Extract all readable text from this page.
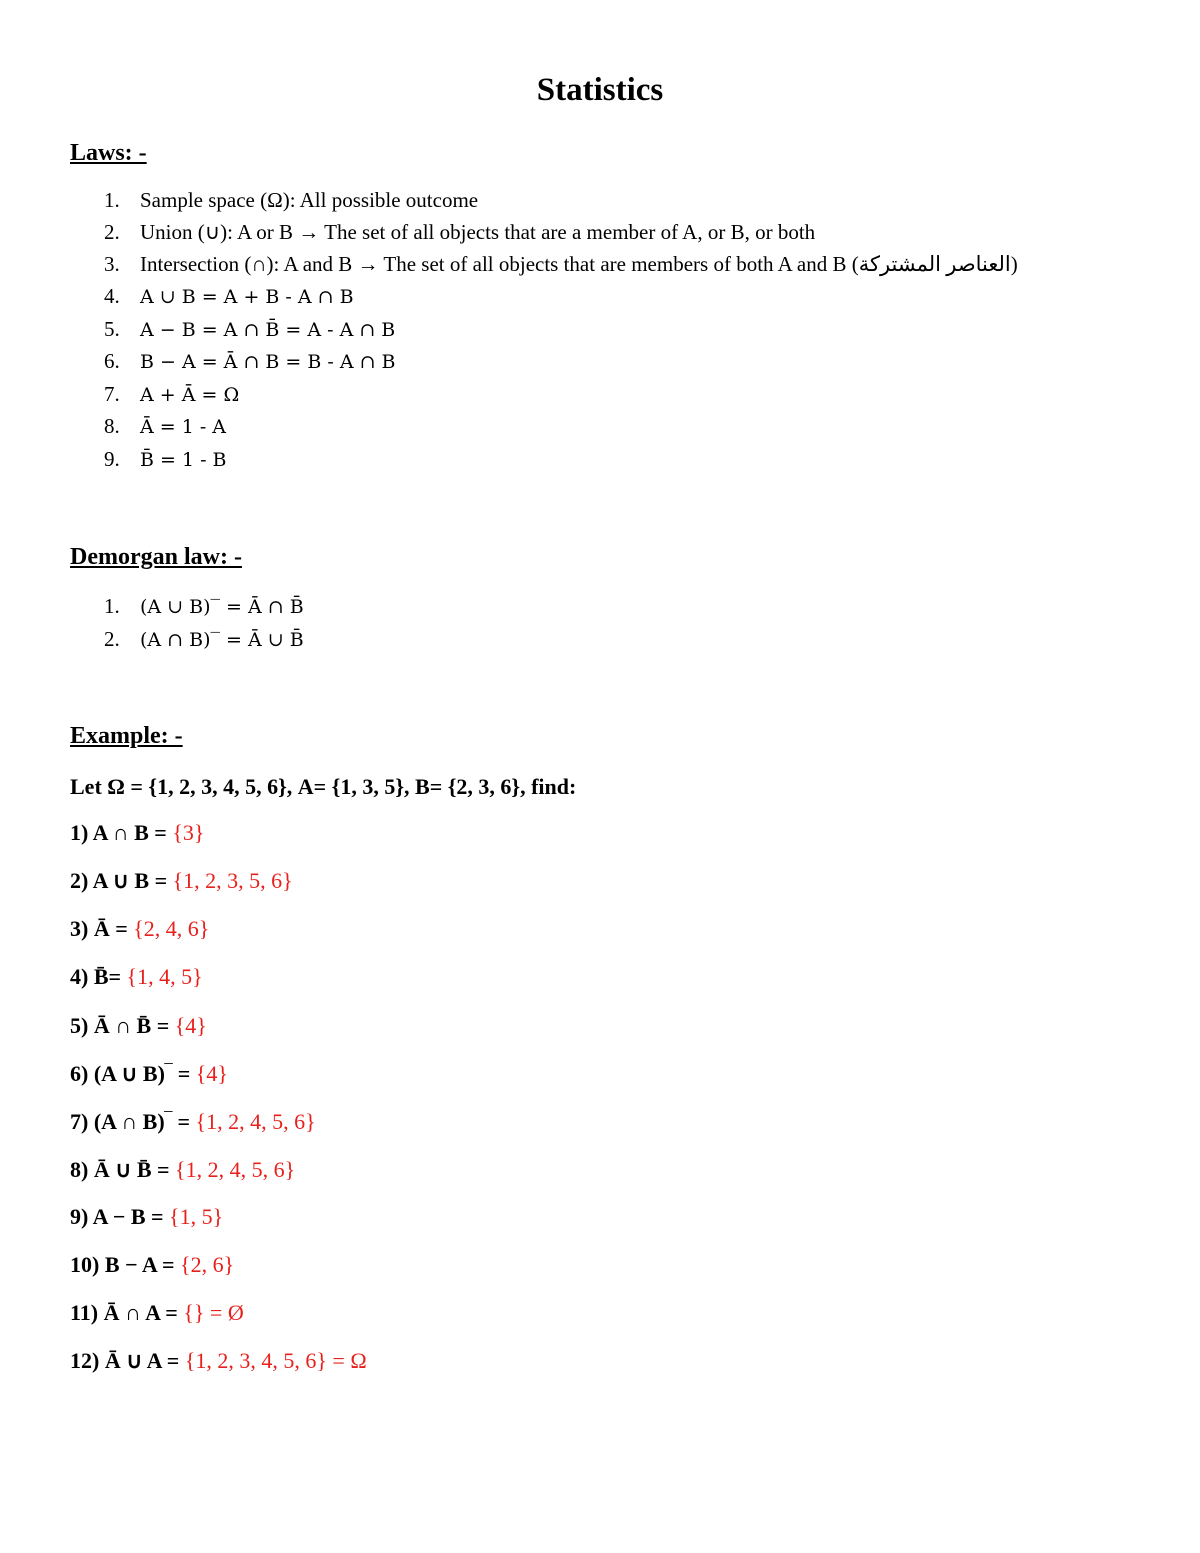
Statistics
Laws: -

1. Sample space (Ω): All possible outcome

2. Union (∪): A or B → The set of all objects that are a member of A, or B, or both

3. Intersection (∩): A and B → The set of all objects that are members of both A and B (العناصر المشتركة)

4. A ∪ B = A + B - A ∩ B

5. A − B = A ∩ B̄ = A - A ∩ B

6. B − A = Ā ∩ B = B - A ∩ B

7. A + Ā = Ω

8. Ā = 1 - A

9. B̄ = 1 - B

Demorgan law: -

1. (A ∪ B)‾ = Ā ∩ B̄

2. (A ∩ B)‾ = Ā ∪ B̄

Example: -

Let Ω = {1, 2, 3, 4, 5, 6}, A= {1, 3, 5}, B= {2, 3, 6}, find:

1) A ∩ B = {3}

2) A ∪ B = {1, 2, 3, 5, 6}

3) Ā = {2, 4, 6}

4) B̄= {1, 4, 5}

5) Ā ∩ B̄ = {4}

6) (A ∪ B)‾ = {4}

7) (A ∩ B)‾ = {1, 2, 4, 5, 6}

8) Ā ∪ B̄ = {1, 2, 4, 5, 6}

9) A − B = {1, 5}

10) B − A = {2, 6}

11) Ā ∩ A = {} = Ø

12) Ā ∪ A = {1, 2, 3, 4, 5, 6} = Ω
